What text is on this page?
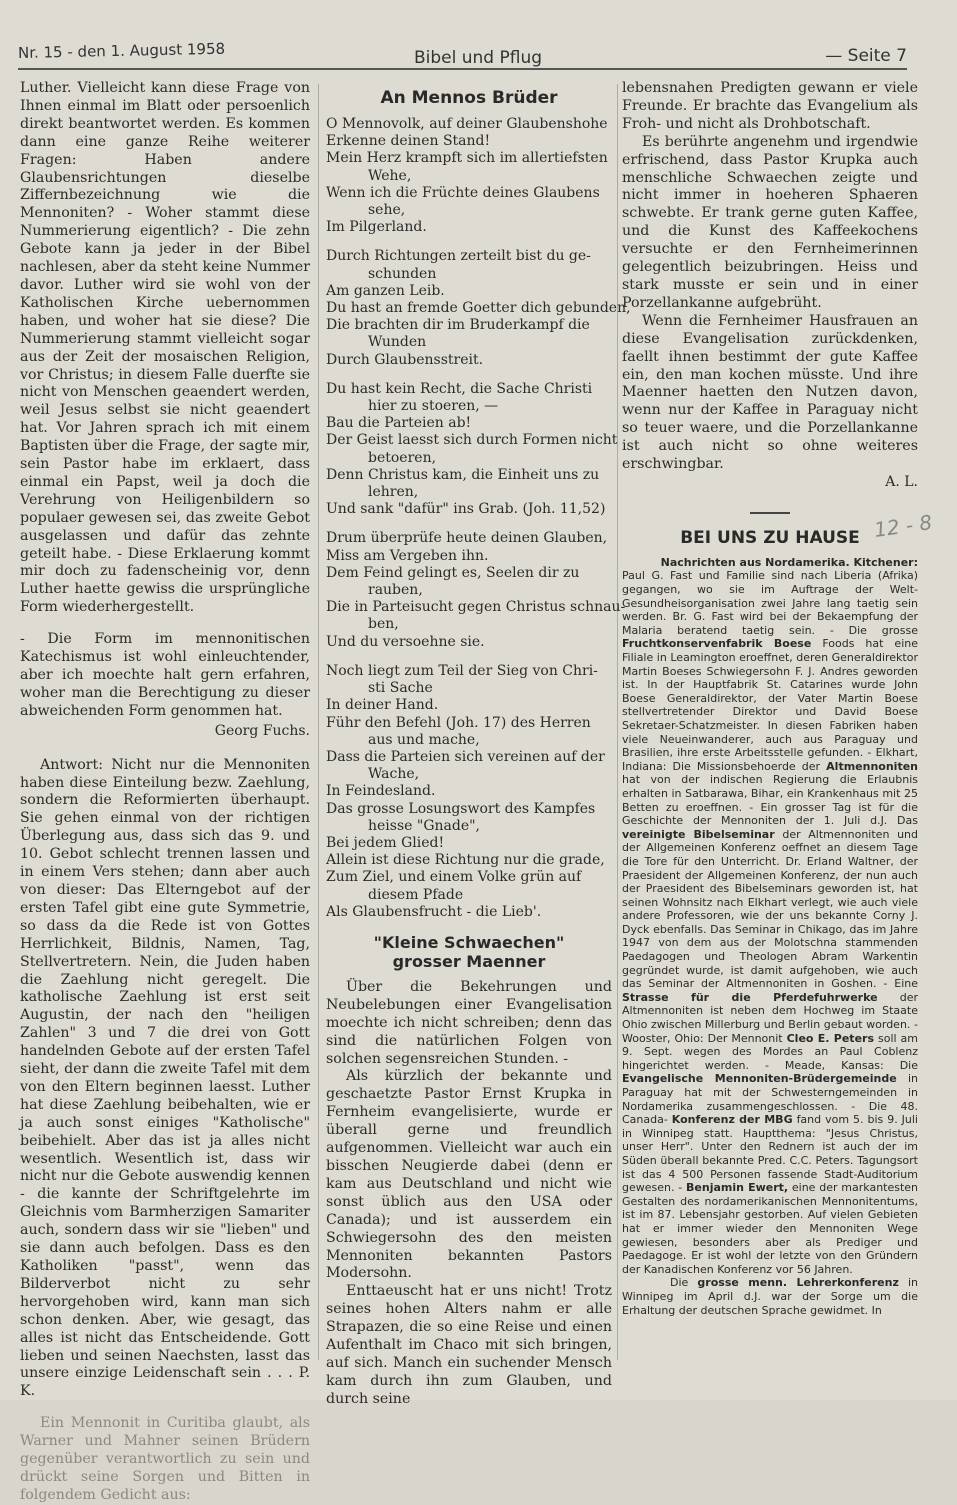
Nr. 15 - den 1. August 1958	Bibel und Pflug	— Seite 7

Luther. Vielleicht kann diese Frage von Ihnen einmal im Blatt oder persoenlich direkt beantwortet werden. Es kommen dann eine ganze Reihe weiterer Fragen: Haben andere Glaubensrichtungen dieselbe Ziffernbezeichnung wie die Mennoniten? - Woher stammt diese Nummerierung eigentlich? - Die zehn Gebote kann ja jeder in der Bibel nachlesen, aber da steht keine Nummer davor. Luther wird sie wohl von der Katholischen Kirche uebernommen haben, und woher hat sie diese? Die Nummerierung stammt vielleicht sogar aus der Zeit der mosaischen Religion, vor Christus; in diesem Falle duerfte sie nicht von Menschen geaendert werden, weil Jesus selbst sie nicht geaendert hat. Vor Jahren sprach ich mit einem Baptisten über die Frage, der sagte mir, sein Pastor habe im erklaert, dass einmal ein Papst, weil ja doch die Verehrung von Heiligenbildern so populaer gewesen sei, das zweite Gebot ausgelassen und dafür das zehnte geteilt habe. - Diese Erklaerung kommt mir doch zu fadenscheinig vor, denn Luther haette gewiss die ursprüngliche Form wiederhergestellt.

- Die Form im mennonitischen Katechismus ist wohl einleuchtender, aber ich moechte halt gern erfahren, woher man die Berechtigung zu dieser abweichenden Form genommen hat.

Georg Fuchs.

Antwort: Nicht nur die Mennoniten haben diese Einteilung bezw. Zaehlung, sondern die Reformierten überhaupt. Sie gehen einmal von der richtigen Überlegung aus, dass sich das 9. und 10. Gebot schlecht trennen lassen und in einem Vers stehen; dann aber auch von dieser: Das Elterngebot auf der ersten Tafel gibt eine gute Symmetrie, so dass da die Rede ist von Gottes Herrlichkeit, Bildnis, Namen, Tag, Stellvertretern. Nein, die Juden haben die Zaehlung nicht geregelt. Die katholische Zaehlung ist erst seit Augustin, der nach den "heiligen Zahlen" 3 und 7 die drei von Gott handelnden Gebote auf der ersten Tafel sieht, der dann die zweite Tafel mit dem von den Eltern beginnen laesst. Luther hat diese Zaehlung beibehalten, wie er ja auch sonst einiges "Katholische" beibehielt. Aber das ist ja alles nicht wesentlich. Wesentlich ist, dass wir nicht nur die Gebote auswendig kennen - die kannte der Schriftgelehrte im Gleichnis vom Barmherzigen Samariter auch, sondern dass wir sie "lieben" und sie dann auch befolgen. Dass es den Katholiken "passt", wenn das Bilderverbot nicht zu sehr hervorgehoben wird, kann man sich schon denken. Aber, wie gesagt, das alles ist nicht das Entscheidende. Gott lieben und seinen Naechsten, lasst das unsere einzige Leidenschaft sein . . . P. K.

Ein Mennonit in Curitiba glaubt, als Warner und Mahner seinen Brüdern gegenüber verantwortlich zu sein und drückt seine Sorgen und Bitten in folgendem Gedicht aus:

An Mennos Brüder
O Mennovolk, auf deiner Glaubenshohe
Erkenne deinen Stand!
Mein Herz krampft sich im allertiefsten
Wehe,
Wenn ich die Früchte deines Glaubens
sehe,
Im Pilgerland.
Durch Richtungen zerteilt bist du ge-
schunden
Am ganzen Leib.
Du hast an fremde Goetter dich gebunden,
Die brachten dir im Bruderkampf die
Wunden
Durch Glaubensstreit.
Du hast kein Recht, die Sache Christi
hier zu stoeren, —
Bau die Parteien ab!
Der Geist laesst sich durch Formen nicht
betoeren,
Denn Christus kam, die Einheit uns zu
lehren,
Und sank "dafür" ins Grab. (Joh. 11,52)
Drum überprüfe heute deinen Glauben,
Miss am Vergeben ihn.
Dem Feind gelingt es, Seelen dir zu
rauben,
Die in Parteisucht gegen Christus schnau-
ben,
Und du versoehne sie.
Noch liegt zum Teil der Sieg von Chri-
sti Sache
In deiner Hand.
Führ den Befehl (Joh. 17) des Herren
aus und mache,
Dass die Parteien sich vereinen auf der
Wache,
In Feindesland.
Das grosse Losungswort des Kampfes
heisse "Gnade",
Bei jedem Glied!
Allein ist diese Richtung nur die grade,
Zum Ziel, und einem Volke grün auf
diesem Pfade
Als Glaubensfrucht - die Lieb'.
"Kleine Schwaechen"
grosser Maenner

Über die Bekehrungen und Neubelebungen einer Evangelisation moechte ich nicht schreiben; denn das sind die natürlichen Folgen von solchen segensreichen Stunden. -

Als kürzlich der bekannte und geschaetzte Pastor Ernst Krupka in Fernheim evangelisierte, wurde er überall gerne und freundlich aufgenommen. Vielleicht war auch ein bisschen Neugierde dabei (denn er kam aus Deutschland und nicht wie sonst üblich aus den USA oder Canada); und ist ausserdem ein Schwiegersohn des den meisten Mennoniten bekannten Pastors Modersohn.

Enttaeuscht hat er uns nicht! Trotz seines hohen Alters nahm er alle Strapazen, die so eine Reise und einen Aufenthalt im Chaco mit sich bringen, auf sich. Manch ein suchender Mensch kam durch ihn zum Glauben, und durch seine

lebensnahen Predigten gewann er viele Freunde. Er brachte das Evangelium als Froh- und nicht als Drohbotschaft.

Es berührte angenehm und irgendwie erfrischend, dass Pastor Krupka auch menschliche Schwaechen zeigte und nicht immer in hoeheren Sphaeren schwebte. Er trank gerne guten Kaffee, und die Kunst des Kaffeekochens versuchte er den Fernheimerinnen gelegentlich beizubringen. Heiss und stark musste er sein und in einer Porzellankanne aufgebrüht.

Wenn die Fernheimer Hausfrauen an diese Evangelisation zurückdenken, faellt ihnen bestimmt der gute Kaffee ein, den man kochen müsste. Und ihre Maenner haetten den Nutzen davon, wenn nur der Kaffee in Paraguay nicht so teuer waere, und die Porzellankanne ist auch nicht so ohne weiteres erschwingbar.

A. L.
BEI UNS ZU HAUSE 12 - 8
Nachrichten aus Nordamerika. Kitchener:
Paul G. Fast und Familie sind nach Liberia (Afrika) gegangen, wo sie im Auftrage der Welt-Gesundheisorganisation zwei Jahre lang taetig sein werden. Br. G. Fast wird bei der Bekaempfung der Malaria beratend taetig sein. - Die grosse Fruchtkonservenfabrik Boese Foods hat eine Filiale in Leamington eroeffnet, deren Generaldirektor Martin Boeses Schwiegersohn F. J. Andres geworden ist. In der Hauptfabrik St. Catarines wurde John Boese Generaldirektor, der Vater Martin Boese stellvertretender Direktor und David Boese Sekretaer-Schatzmeister. In diesen Fabriken haben viele Neueinwanderer, auch aus Paraguay und Brasilien, ihre erste Arbeitsstelle gefunden. - Elkhart, Indiana: Die Missionsbehoerde der Altmennoniten hat von der indischen Regierung die Erlaubnis erhalten in Satbarawa, Bihar, ein Krankenhaus mit 25 Betten zu eroeffnen. - Ein grosser Tag ist für die Geschichte der Mennoniten der 1. Juli d.J. Das vereinigte Bibelseminar der Altmennoniten und der Allgemeinen Konferenz oeffnet an diesem Tage die Tore für den Unterricht. Dr. Erland Waltner, der Praesident der Allgemeinen Konferenz, der nun auch der Praesident des Bibelseminars geworden ist, hat seinen Wohnsitz nach Elkhart verlegt, wie auch viele andere Professoren, wie der uns bekannte Corny J. Dyck ebenfalls. Das Seminar in Chikago, das im Jahre 1947 von dem aus der Molotschna stammenden Paedagogen und Theologen Abram Warkentin gegründet wurde, ist damit aufgehoben, wie auch das Seminar der Altmennoniten in Goshen. - Eine Strasse für die Pferdefuhrwerke der Altmennoniten ist neben dem Hochweg im Staate Ohio zwischen Millerburg und Berlin gebaut worden. - Wooster, Ohio: Der Mennonit Cleo E. Peters soll am 9. Sept. wegen des Mordes an Paul Coblenz hingerichtet werden. - Meade, Kansas: Die Evangelische Mennoniten-Brüdergemeinde in Paraguay hat mit der Schwesterngemeinden in Nordamerika zusammengeschlossen. - Die 48. Canada- Konferenz der MBG fand vom 5. bis 9. Juli in Winnipeg statt. Hauptthema: "Jesus Christus, unser Herr". Unter den Rednern ist auch der im Süden überall bekannte Pred. C.C. Peters. Tagungsort ist das 4 500 Personen fassende Stadt-Auditorium gewesen. - Benjamin Ewert, eine der markantesten Gestalten des nordamerikanischen Mennonitentums, ist im 87. Lebensjahr gestorben. Auf vielen Gebieten hat er immer wieder den Mennoniten Wege gewiesen, besonders aber als Prediger und Paedagoge. Er ist wohl der letzte von den Gründern der Kanadischen Konferenz vor 56 Jahren.
Die grosse menn. Lehrerkonferenz in Winnipeg im April d.J. war der Sorge um die Erhaltung der deutschen Sprache gewidmet. In
